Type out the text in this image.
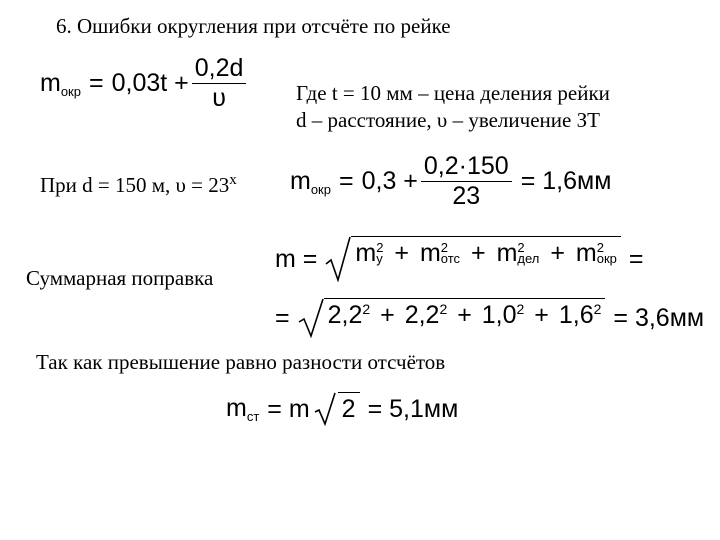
6. Ошибки округления при отсчёте по рейке
$m_{окр} = 0,03t + \frac{0,2d}{\upsilon}$ Где t = 10 мм – цена деления рейки
d – расстояние, υ – увеличение ЗТ
При d = 150 м, $\upsilon = 23^x$ $m_{окр} = 0,3 + \frac{0,2\cdot 150}{23} = 1,6мм$
Суммарная поправка
m = m 2
у + m 2
отс + m 2
дел + m 2
окр =
= $2,2^2 + 2,2^2 + 1,0^2 + 1,6^2 = 3,6мм$
Так как превышение равно разности отсчётов
$m_{ст} = m$ 2 = 5,1мм
